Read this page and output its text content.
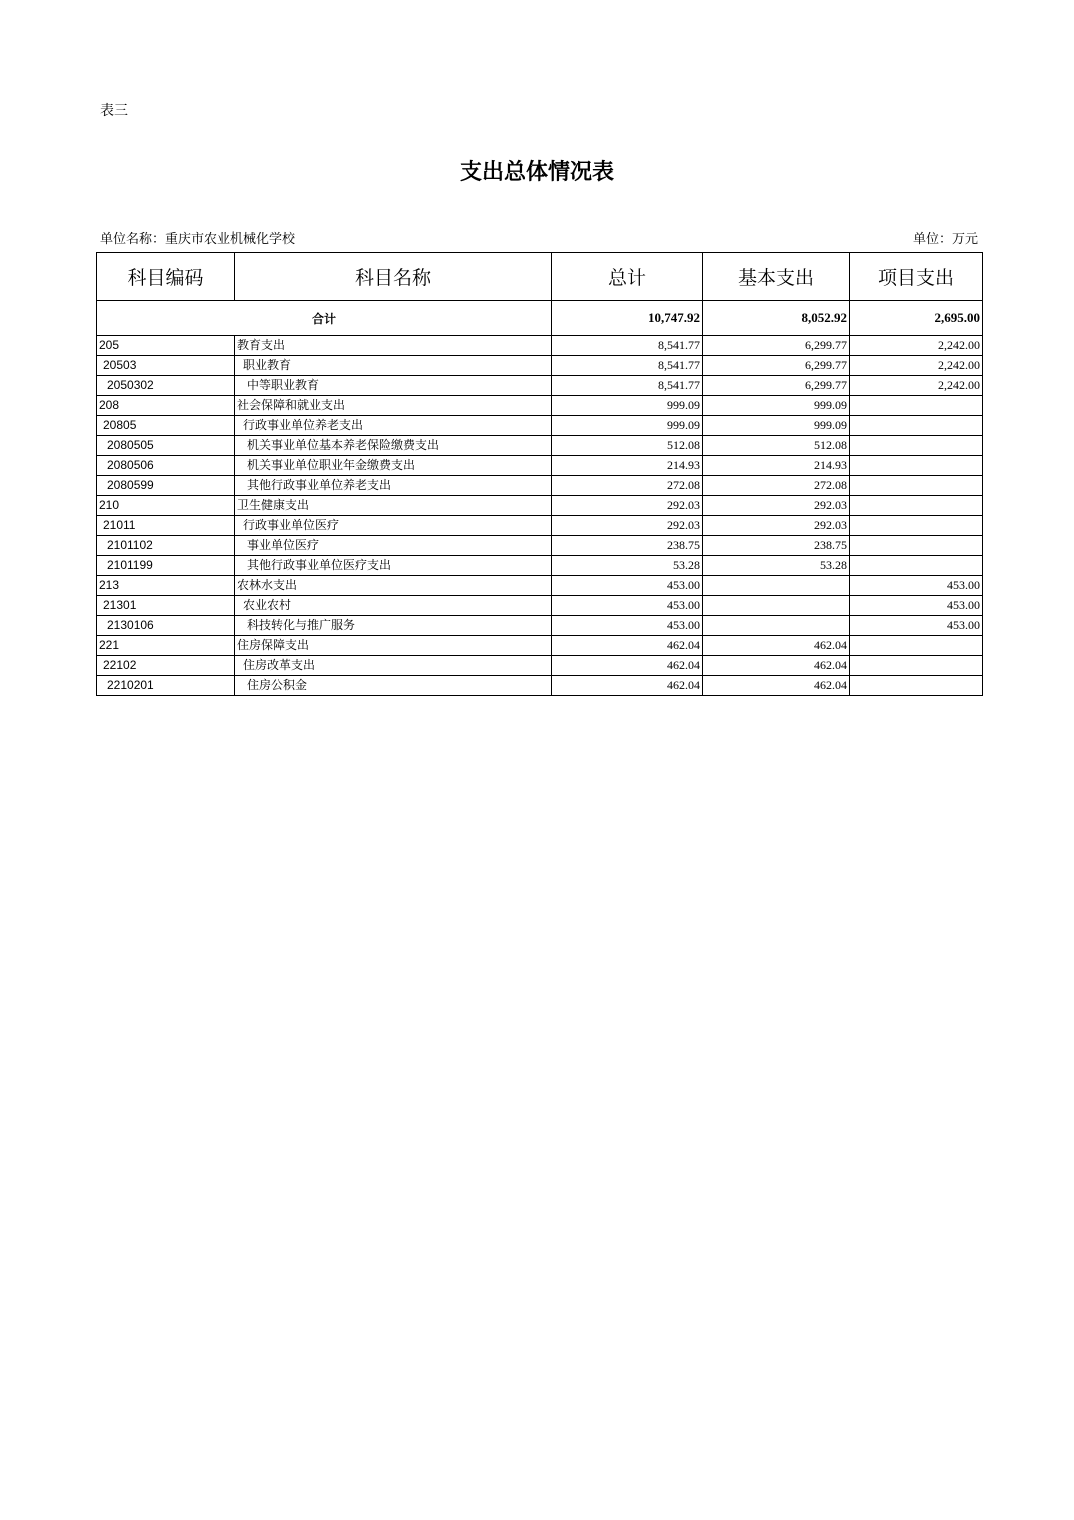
表三
支出总体情况表
单位名称：重庆市农业机械化学校	单位：万元
科目编码	科目名称	总计	基本支出	项目支出
合计		10,747.92	8,052.92	2,695.00
205	教育支出	8,541.77	6,299.77	2,242.00
20503	职业教育	8,541.77	6,299.77	2,242.00
2050302	中等职业教育	8,541.77	6,299.77	2,242.00
208	社会保障和就业支出	999.09	999.09	
20805	行政事业单位养老支出	999.09	999.09	
2080505	机关事业单位基本养老保险缴费支出	512.08	512.08	
2080506	机关事业单位职业年金缴费支出	214.93	214.93	
2080599	其他行政事业单位养老支出	272.08	272.08	
210	卫生健康支出	292.03	292.03	
21011	行政事业单位医疗	292.03	292.03	
2101102	事业单位医疗	238.75	238.75	
2101199	其他行政事业单位医疗支出	53.28	53.28	
213	农林水支出	453.00		453.00
21301	农业农村	453.00		453.00
2130106	科技转化与推广服务	453.00		453.00
221	住房保障支出	462.04	462.04	
22102	住房改革支出	462.04	462.04	
2210201	住房公积金	462.04	462.04	
